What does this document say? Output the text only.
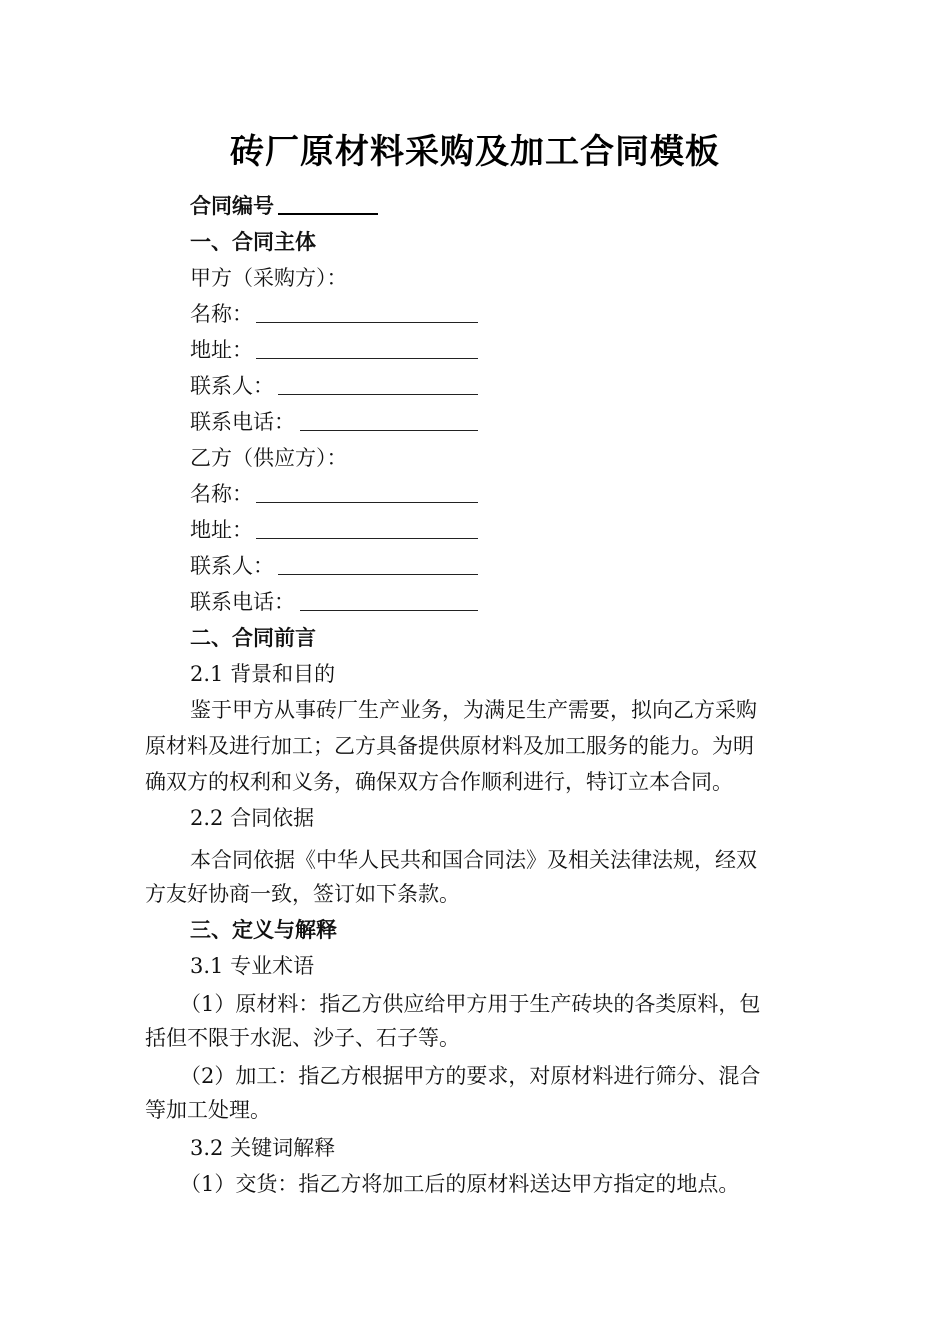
砖厂原材料采购及加工合同模板
合同编号
一、合同主体
甲方（采购方）：
名称：
地址：
联系人：
联系电话：
乙方（供应方）：
名称：
地址：
联系人：
联系电话：
二、合同前言
2.1 背景和目的
鉴于甲方从事砖厂生产业务，为满足生产需要，拟向乙方采购
原材料及进行加工；乙方具备提供原材料及加工服务的能力。为明
确双方的权利和义务，确保双方合作顺利进行，特订立本合同。
2.2 合同依据
本合同依据《中华人民共和国合同法》及相关法律法规，经双
方友好协商一致，签订如下条款。
三、定义与解释
3.1 专业术语
（1）原材料：指乙方供应给甲方用于生产砖块的各类原料，包
括但不限于水泥、沙子、石子等。
（2）加工：指乙方根据甲方的要求，对原材料进行筛分、混合
等加工处理。
3.2 关键词解释
（1）交货：指乙方将加工后的原材料送达甲方指定的地点。
